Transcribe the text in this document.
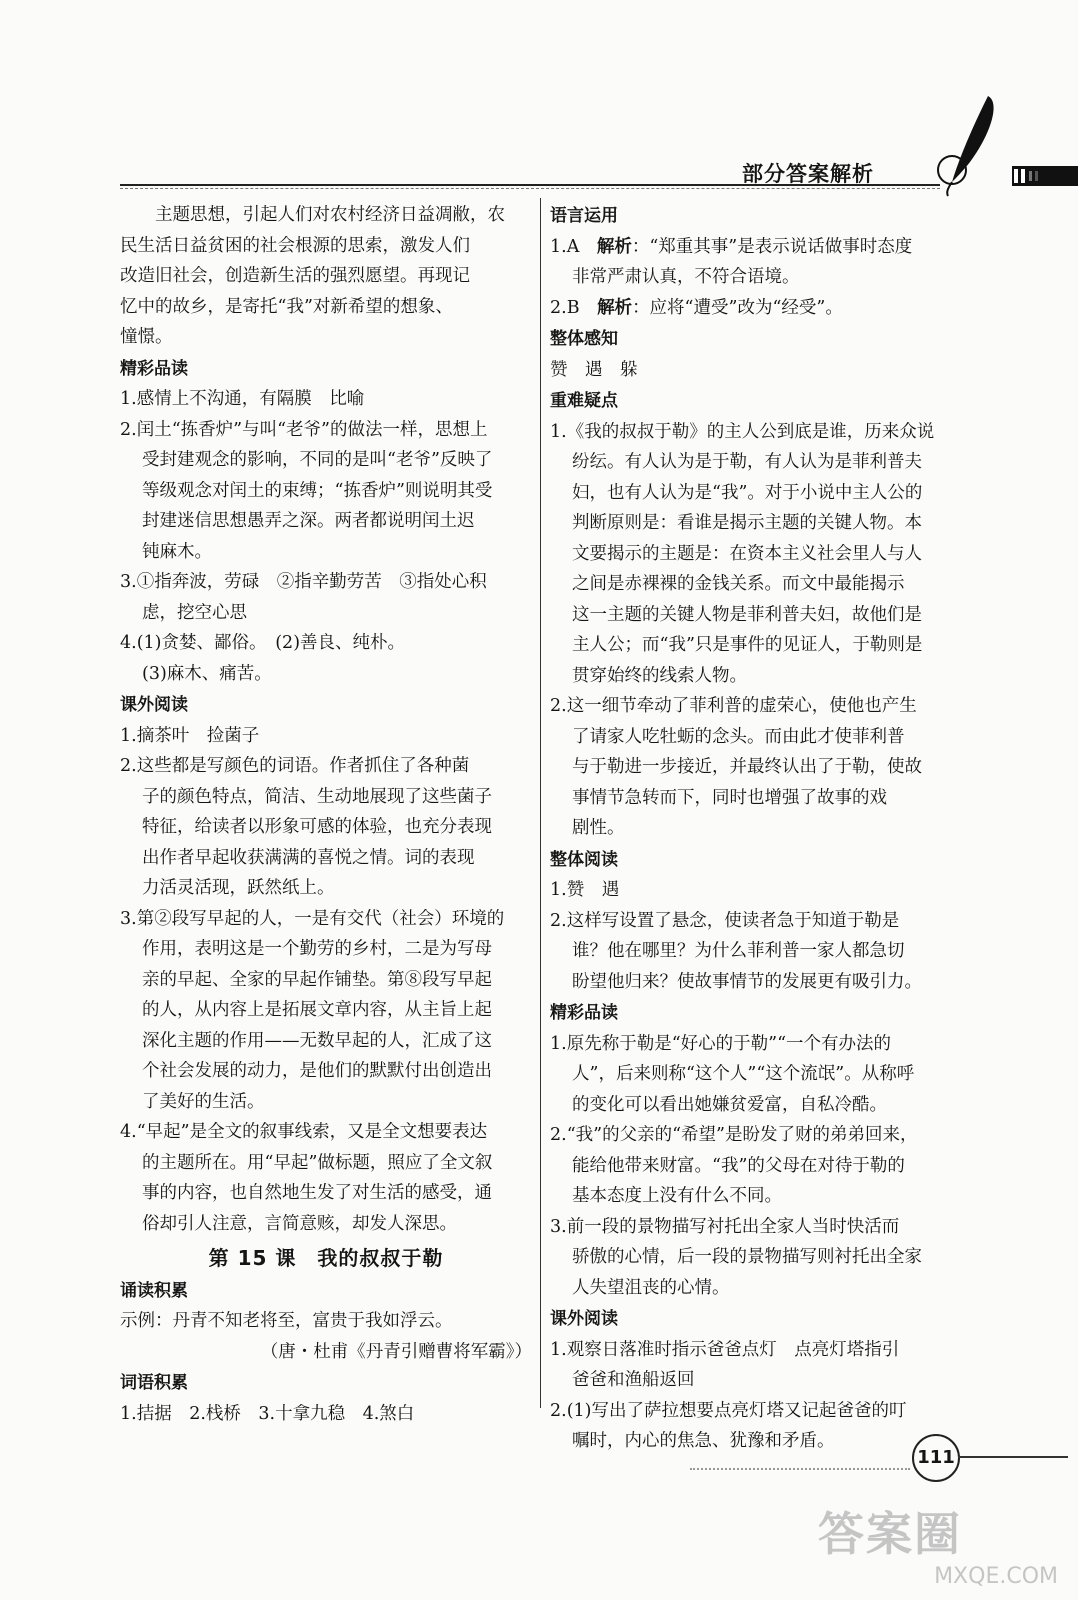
部分答案解析

主题思想，引起人们对农村经济日益凋敝，农

民生活日益贫困的社会根源的思索，激发人们

改造旧社会，创造新生活的强烈愿望。再现记

忆中的故乡，是寄托“我”对新希望的想象、

憧憬。

精彩品读

1.感情上不沟通，有隔膜　比喻

2.闰土“拣香炉”与叫“老爷”的做法一样，思想上

受封建观念的影响，不同的是叫“老爷”反映了

等级观念对闰土的束缚；“拣香炉”则说明其受

封建迷信思想愚弄之深。两者都说明闰土迟

钝麻木。

3.①指奔波，劳碌　②指辛勤劳苦　③指处心积

虑，挖空心思

4.(1)贪婪、鄙俗。　(2)善良、纯朴。

(3)麻木、痛苦。

课外阅读

1.摘茶叶　捡菌子

2.这些都是写颜色的词语。作者抓住了各种菌

子的颜色特点，简洁、生动地展现了这些菌子

特征，给读者以形象可感的体验，也充分表现

出作者早起收获满满的喜悦之情。词的表现

力活灵活现，跃然纸上。

3.第②段写早起的人，一是有交代（社会）环境的

作用，表明这是一个勤劳的乡村，二是为写母

亲的早起、全家的早起作铺垫。第⑧段写早起

的人，从内容上是拓展文章内容，从主旨上起

深化主题的作用——无数早起的人，汇成了这

个社会发展的动力，是他们的默默付出创造出

了美好的生活。

4.“早起”是全文的叙事线索，又是全文想要表达

的主题所在。用“早起”做标题，照应了全文叙

事的内容，也自然地生发了对生活的感受，通

俗却引人注意，言简意赅，却发人深思。

第 15 课　我的叔叔于勒

诵读积累

示例：丹青不知老将至，富贵于我如浮云。

（唐・杜甫《丹青引赠曹将军霸》）

词语积累

1.拮据　2.栈桥　3.十拿九稳　4.煞白

语言运用

1.A　解析：“郑重其事”是表示说话做事时态度

非常严肃认真，不符合语境。

2.B　解析：应将“遭受”改为“经受”。

整体感知

赞　遇　躲

重难疑点

1.《我的叔叔于勒》的主人公到底是谁，历来众说

纷纭。有人认为是于勒，有人认为是菲利普夫

妇，也有人认为是“我”。对于小说中主人公的

判断原则是：看谁是揭示主题的关键人物。本

文要揭示的主题是：在资本主义社会里人与人

之间是赤裸裸的金钱关系。而文中最能揭示

这一主题的关键人物是菲利普夫妇，故他们是

主人公；而“我”只是事件的见证人，于勒则是

贯穿始终的线索人物。

2.这一细节牵动了菲利普的虚荣心，使他也产生

了请家人吃牡蛎的念头。而由此才使菲利普

与于勒进一步接近，并最终认出了于勒，使故

事情节急转而下，同时也增强了故事的戏

剧性。

整体阅读

1.赞　遇

2.这样写设置了悬念，使读者急于知道于勒是

谁？他在哪里？为什么菲利普一家人都急切

盼望他归来？使故事情节的发展更有吸引力。

精彩品读

1.原先称于勒是“好心的于勒”“一个有办法的

人”，后来则称“这个人”“这个流氓”。从称呼

的变化可以看出她嫌贫爱富，自私冷酷。

2.“我”的父亲的“希望”是盼发了财的弟弟回来，

能给他带来财富。“我”的父母在对待于勒的

基本态度上没有什么不同。

3.前一段的景物描写衬托出全家人当时快活而

骄傲的心情，后一段的景物描写则衬托出全家

人失望沮丧的心情。

课外阅读

1.观察日落准时指示爸爸点灯　点亮灯塔指引

爸爸和渔船返回

2.(1)写出了萨拉想要点亮灯塔又记起爸爸的叮

嘱时，内心的焦急、犹豫和矛盾。

111
答案圈
MXQE.COM
